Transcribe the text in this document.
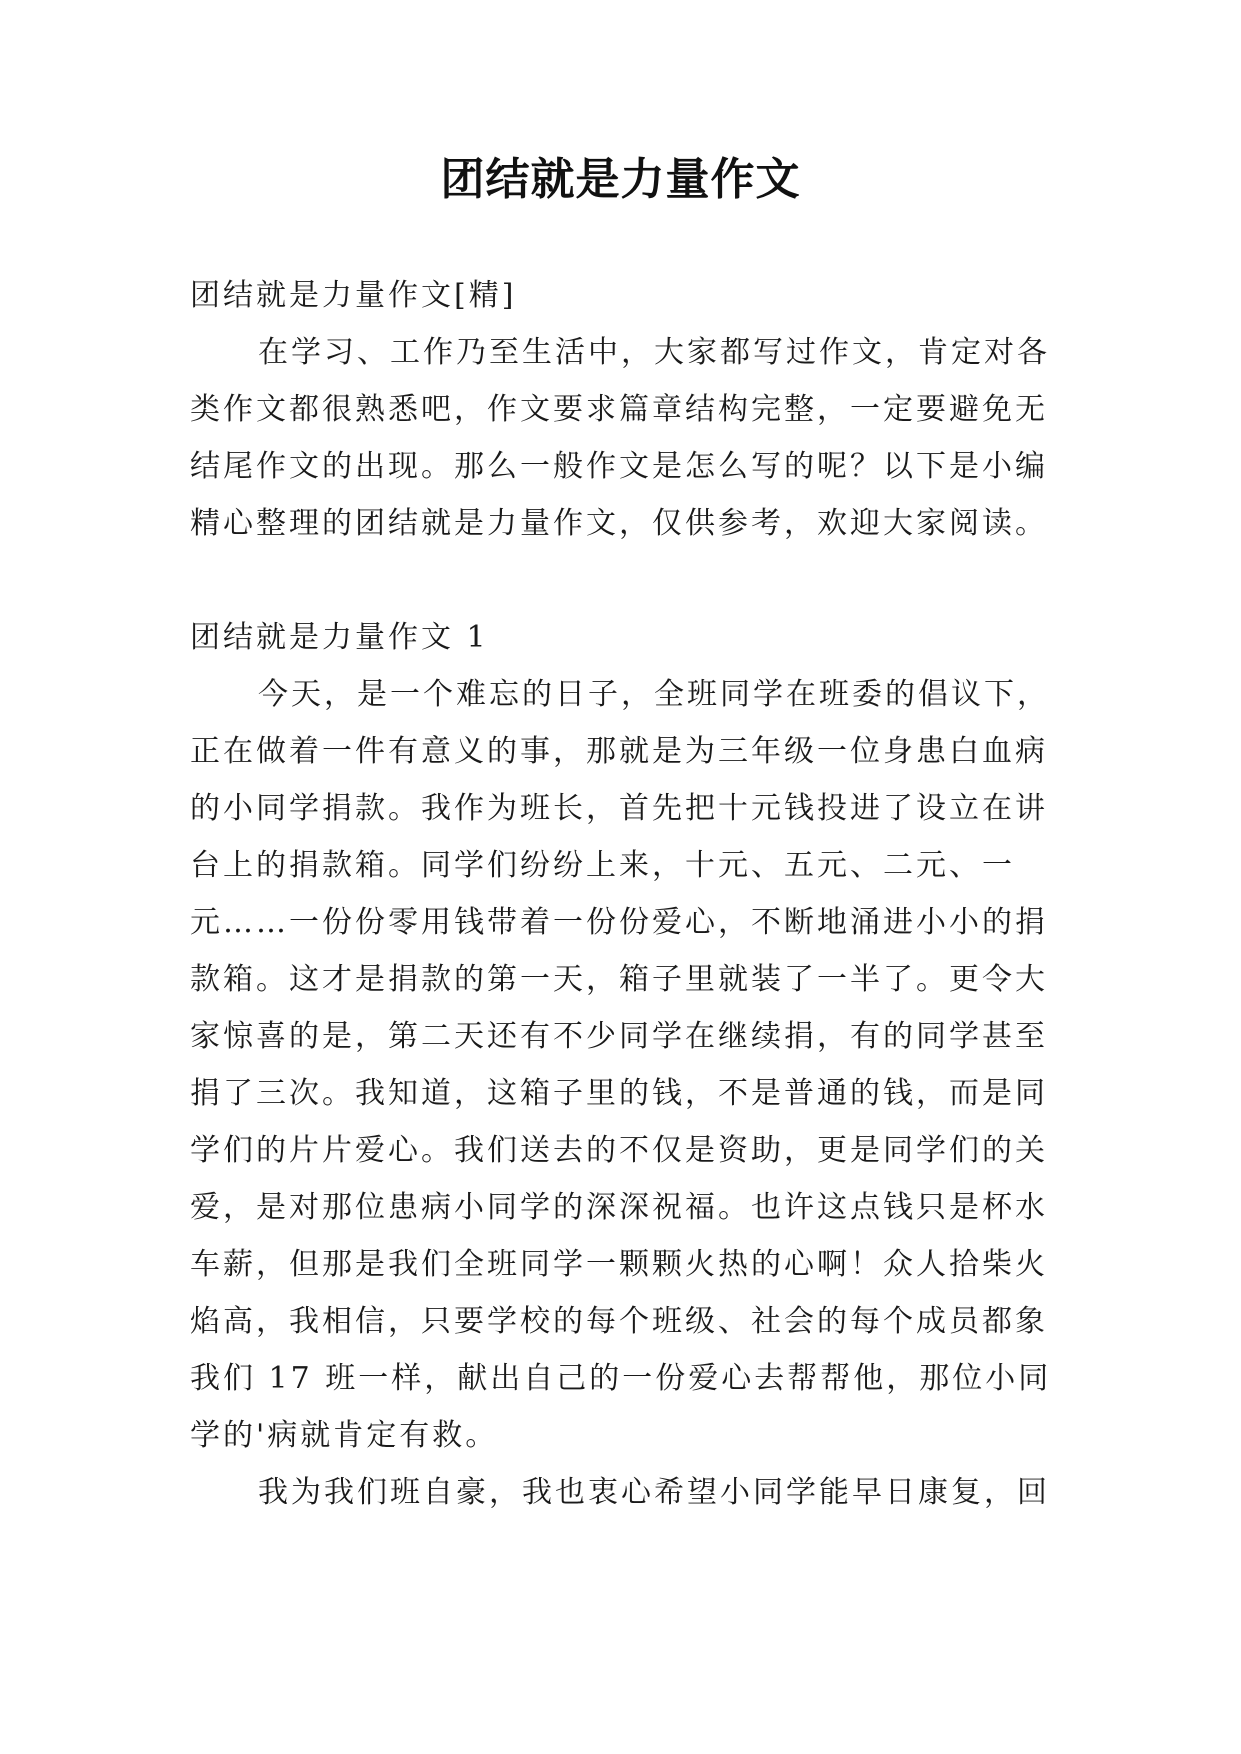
团结就是力量作文
团结就是力量作文[精]
在学习、工作乃至生活中，大家都写过作文，肯定对各
类作文都很熟悉吧，作文要求篇章结构完整，一定要避免无
结尾作文的出现。那么一般作文是怎么写的呢？以下是小编
精心整理的团结就是力量作文，仅供参考，欢迎大家阅读。
团结就是力量作文 1
今天，是一个难忘的日子，全班同学在班委的倡议下，
正在做着一件有意义的事，那就是为三年级一位身患白血病
的小同学捐款。我作为班长，首先把十元钱投进了设立在讲
台上的捐款箱。同学们纷纷上来，十元、五元、二元、一
元……一份份零用钱带着一份份爱心，不断地涌进小小的捐
款箱。这才是捐款的第一天，箱子里就装了一半了。更令大
家惊喜的是，第二天还有不少同学在继续捐，有的同学甚至
捐了三次。我知道，这箱子里的钱，不是普通的钱，而是同
学们的片片爱心。我们送去的不仅是资助，更是同学们的关
爱，是对那位患病小同学的深深祝福。也许这点钱只是杯水
车薪，但那是我们全班同学一颗颗火热的心啊！众人拾柴火
焰高，我相信，只要学校的每个班级、社会的每个成员都象
我们 17 班一样，献出自己的一份爱心去帮帮他，那位小同
学的'病就肯定有救。
我为我们班自豪，我也衷心希望小同学能早日康复，回
